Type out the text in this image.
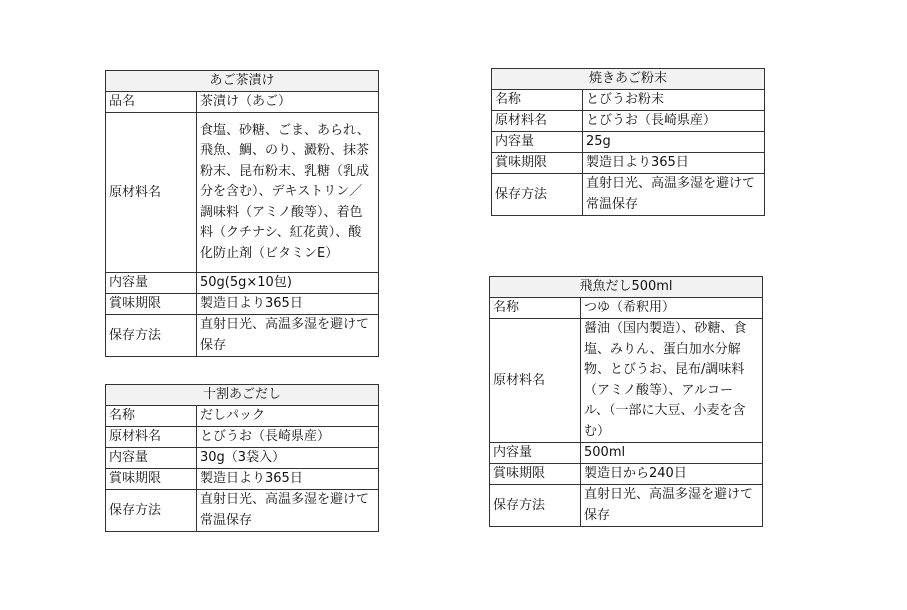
あご茶漬け	
品名	茶漬け（あご）
原材料名	食塩、砂糖、ごま、あられ、飛魚、鯛、のり、澱粉、抹茶粉末、昆布粉末、乳糖（乳成分を含む）、デキストリン／調味料（アミノ酸等）、着色料（クチナシ、紅花黄）、酸化防止剤（ビタミンE）
内容量	50g(5g×10包)
賞味期限	製造日より365日
保存方法	直射日光、高温多湿を避けて保存
焼きあご粉末	
名称	とびうお粉末
原材料名	とびうお（長崎県産）
内容量	25g
賞味期限	製造日より365日
保存方法	直射日光、高温多湿を避けて常温保存
十割あごだし	
名称	だしパック
原材料名	とびうお（長崎県産）
内容量	30g（3袋入）
賞味期限	製造日より365日
保存方法	直射日光、高温多湿を避けて常温保存
飛魚だし500ml	
名称	つゆ（希釈用）
原材料名	醤油（国内製造）、砂糖、食塩、みりん、蛋白加水分解物、とびうお、昆布/調味料（アミノ酸等）、アルコール、（一部に大豆、小麦を含む）
内容量	500ml
賞味期限	製造日から240日
保存方法	直射日光、高温多湿を避けて保存
